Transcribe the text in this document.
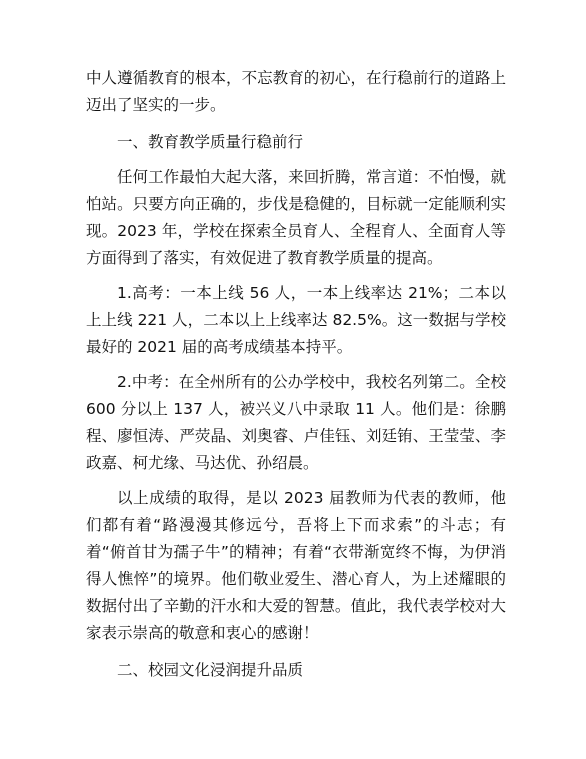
中人遵循教育的根本，不忘教育的初心，在行稳前行的道路上迈出了坚实的一步。

一、教育教学质量行稳前行

任何工作最怕大起大落，来回折腾，常言道：不怕慢，就怕站。只要方向正确的，步伐是稳健的，目标就一定能顺利实现。2023 年，学校在探索全员育人、全程育人、全面育人等方面得到了落实，有效促进了教育教学质量的提高。

1.高考：一本上线 56 人，一本上线率达 21%；二本以上上线 221 人，二本以上上线率达 82.5%。这一数据与学校最好的 2021 届的高考成绩基本持平。

2.中考：在全州所有的公办学校中，我校名列第二。全校 600 分以上 137 人，被兴义八中录取 11 人。他们是：徐鹏程、廖恒涛、严荧晶、刘奥睿、卢佳钰、刘廷铕、王莹莹、李政嘉、柯尤缘、马达优、孙绍晨。

以上成绩的取得，是以 2023 届教师为代表的教师，他们都有着“路漫漫其修远兮，吾将上下而求索”的斗志；有着“俯首甘为孺子牛”的精神；有着“衣带渐宽终不悔，为伊消得人憔悴”的境界。他们敬业爱生、潜心育人，为上述耀眼的数据付出了辛勤的汗水和大爱的智慧。值此，我代表学校对大家表示崇高的敬意和衷心的感谢！

二、校园文化浸润提升品质
